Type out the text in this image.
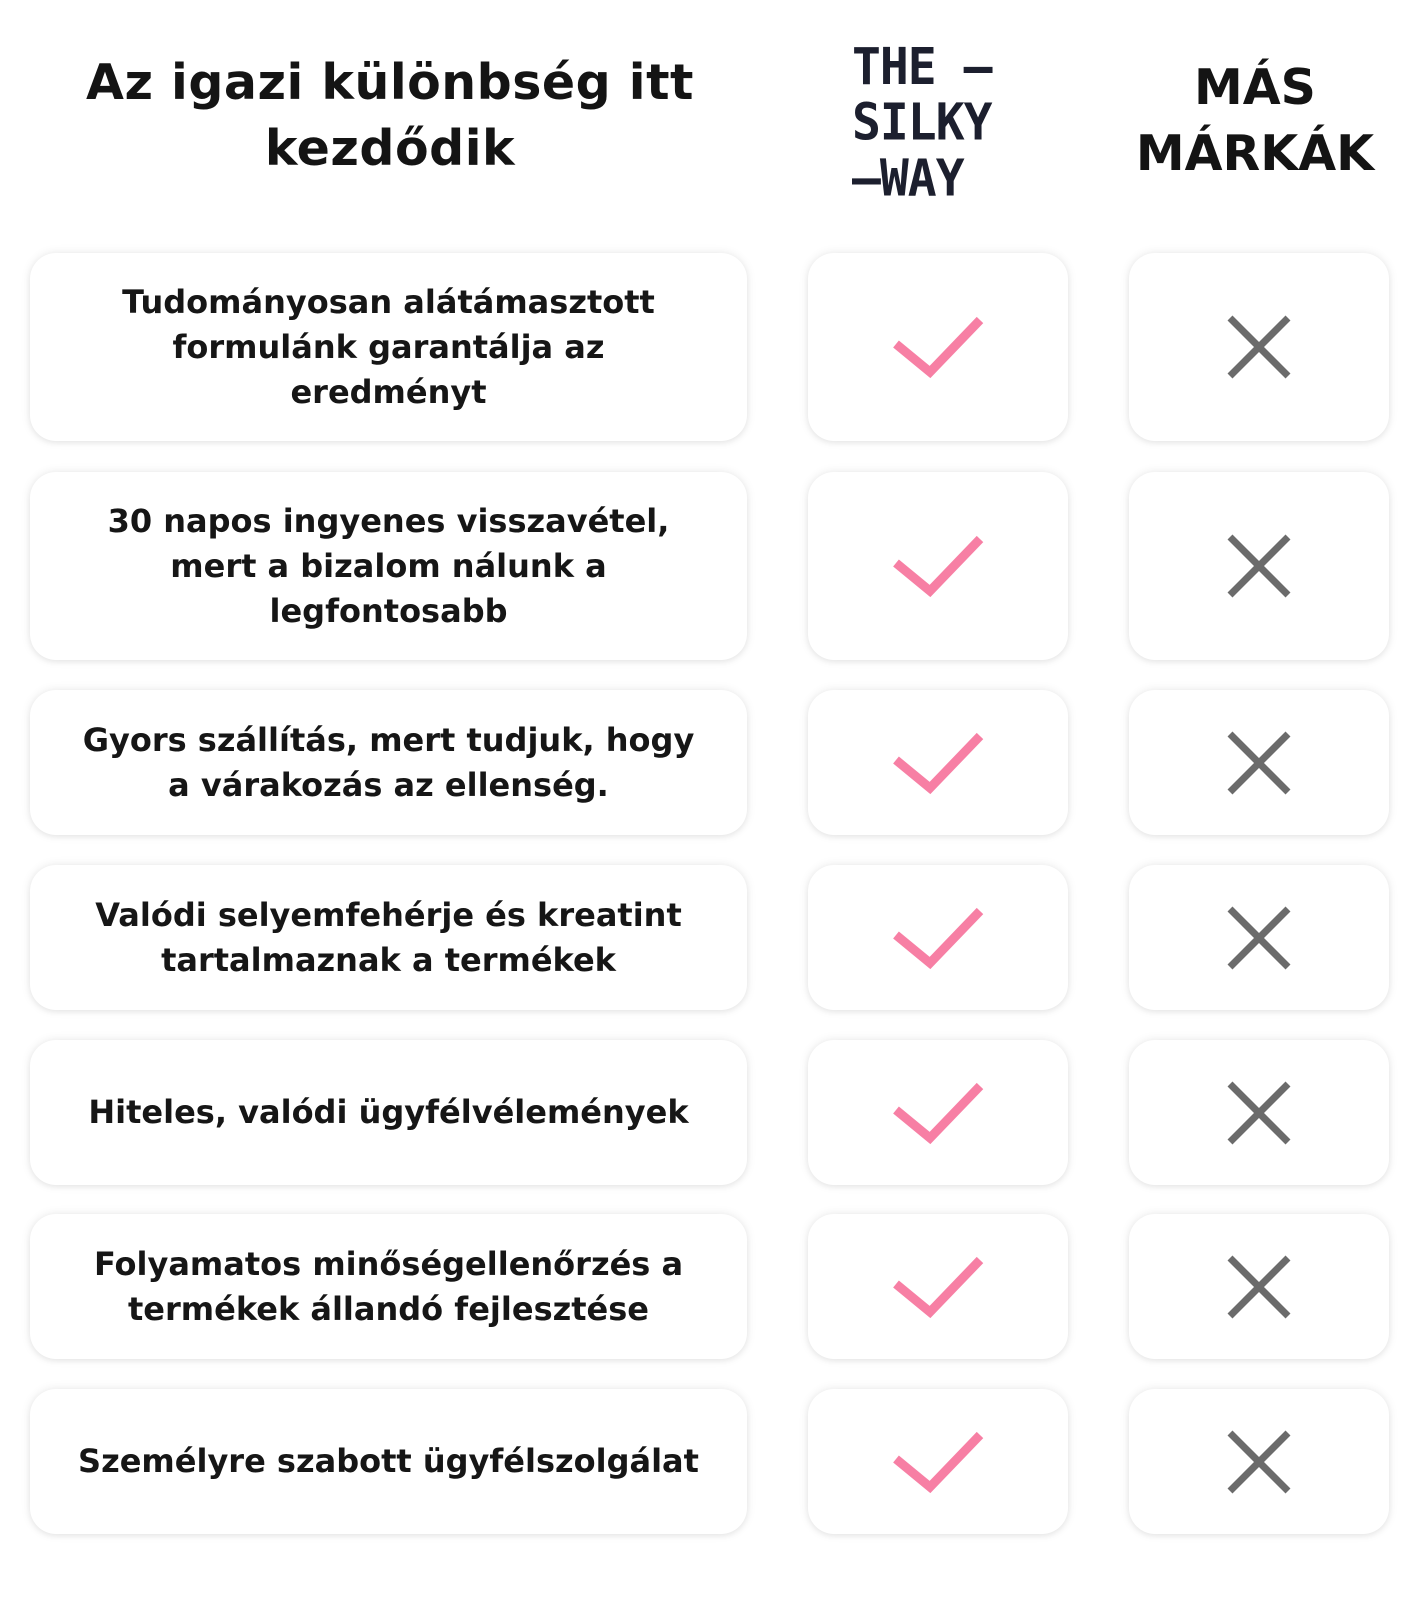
Az igazi különbség itt
kezdődik
THE —
SILKY
—WAY
MÁS
MÁRKÁK
Tudományosan alátámasztott
formulánk garantálja az
eredményt
30 napos ingyenes visszavétel,
mert a bizalom nálunk a
legfontosabb
Gyors szállítás, mert tudjuk, hogy
a várakozás az ellenség.
Valódi selyemfehérje és kreatint
tartalmaznak a termékek
Hiteles, valódi ügyfélvélemények
Folyamatos minőségellenőrzés a
termékek állandó fejlesztése
Személyre szabott ügyfélszolgálat
